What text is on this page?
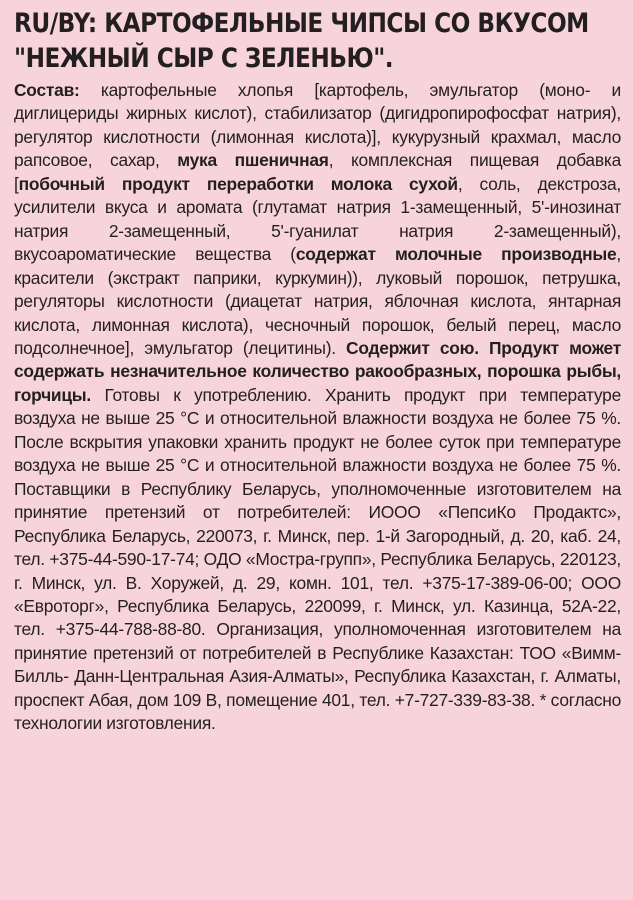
RU/BY: КАРТОФЕЛЬНЫЕ ЧИПСЫ СО ВКУСОМ
"НЕЖНЫЙ СЫР С ЗЕЛЕНЬЮ".
Состав: картофельные хлопья [картофель, эмульгатор (моно- и диглицериды жирных кислот), стабилизатор (дигидропирофосфат натрия), регулятор кислотности (лимонная кислота)], кукурузный крахмал, масло рапсовое, сахар, мука пшеничная, комплексная пищевая добавка [побочный продукт переработки молока сухой, соль, декстроза, усилители вкуса и аромата (глутамат натрия 1-замещенный, 5'-инозинат натрия 2-замещенный, 5'-гуанилат натрия 2-замещенный), вкусоароматические вещества (содержат молочные производные, красители (экстракт паприки, куркумин)), луковый порошок, петрушка, регуляторы кислотности (диацетат натрия, яблочная кислота, янтарная кислота, лимонная кислота), чесночный порошок, белый перец, масло подсолнечное], эмульгатор (лецитины). Содержит сою. Продукт может содержать незначительное количество ракообразных, порошка рыбы, горчицы. Готовы к употреблению. Хранить продукт при температуре воздуха не выше 25 °С и относительной влажности воздуха не более 75 %. После вскрытия упаковки хранить продукт не более суток при температуре воздуха не выше 25 °С и относительной влажности воздуха не более 75 %. Поставщики в Республику Беларусь, уполномоченные изготовителем на принятие претензий от потребителей: ИООО «ПепсиКо Продактс», Республика Беларусь, 220073, г. Минск, пер. 1-й Загородный, д. 20, каб. 24, тел. +375-44-590-17-74; ОДО «Мостра-групп», Республика Беларусь, 220123, г. Минск, ул. В. Хоружей, д. 29, комн. 101, тел. +375-17-389-06-00; ООО «Евроторг», Республика Беларусь, 220099, г. Минск, ул. Казинца, 52А-22, тел. +375-44-788-88-80. Организация, уполномоченная изготовителем на принятие претензий от потребителей в Республике Казахстан: ТОО «Вимм-Билль- Данн-Центральная Азия-Алматы», Республика Казахстан, г. Алматы, проспект Абая, дом 109 В, помещение 401, тел. +7-727-339-83-38. * согласно технологии изготовления.
